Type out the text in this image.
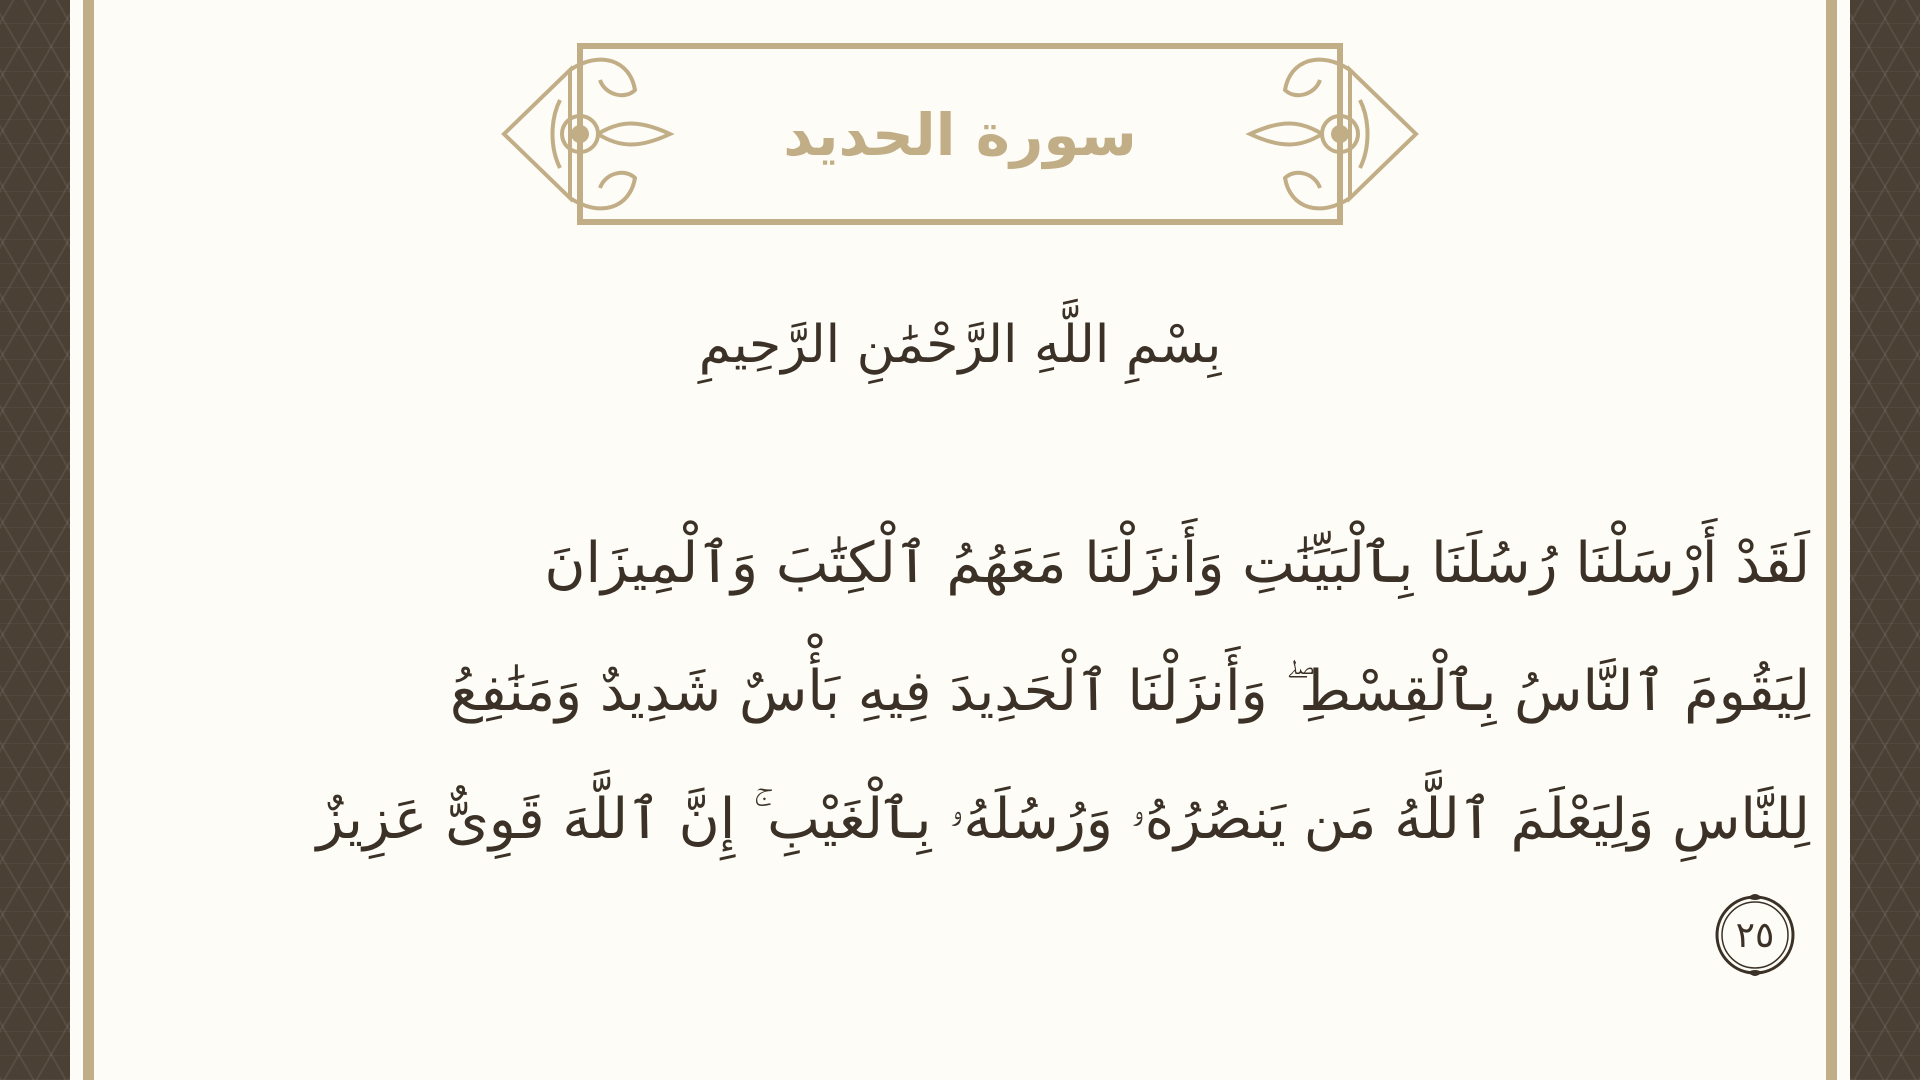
سورة الحديد
بِسْمِ اللَّهِ الرَّحْمَٰنِ الرَّحِيمِ
لَقَدْ أَرْسَلْنَا رُسُلَنَا بِٱلْبَيِّنَٰتِ وَأَنزَلْنَا مَعَهُمُ ٱلْكِتَٰبَ وَٱلْمِيزَانَ
لِيَقُومَ ٱلنَّاسُ بِٱلْقِسْطِ ۖ وَأَنزَلْنَا ٱلْحَدِيدَ فِيهِ بَأْسٌ شَدِيدٌ وَمَنَٰفِعُ
لِلنَّاسِ وَلِيَعْلَمَ ٱللَّهُ مَن يَنصُرُهُۥ وَرُسُلَهُۥ بِٱلْغَيْبِ ۚ إِنَّ ٱللَّهَ قَوِىٌّ عَزِيزٌ
٢٥
